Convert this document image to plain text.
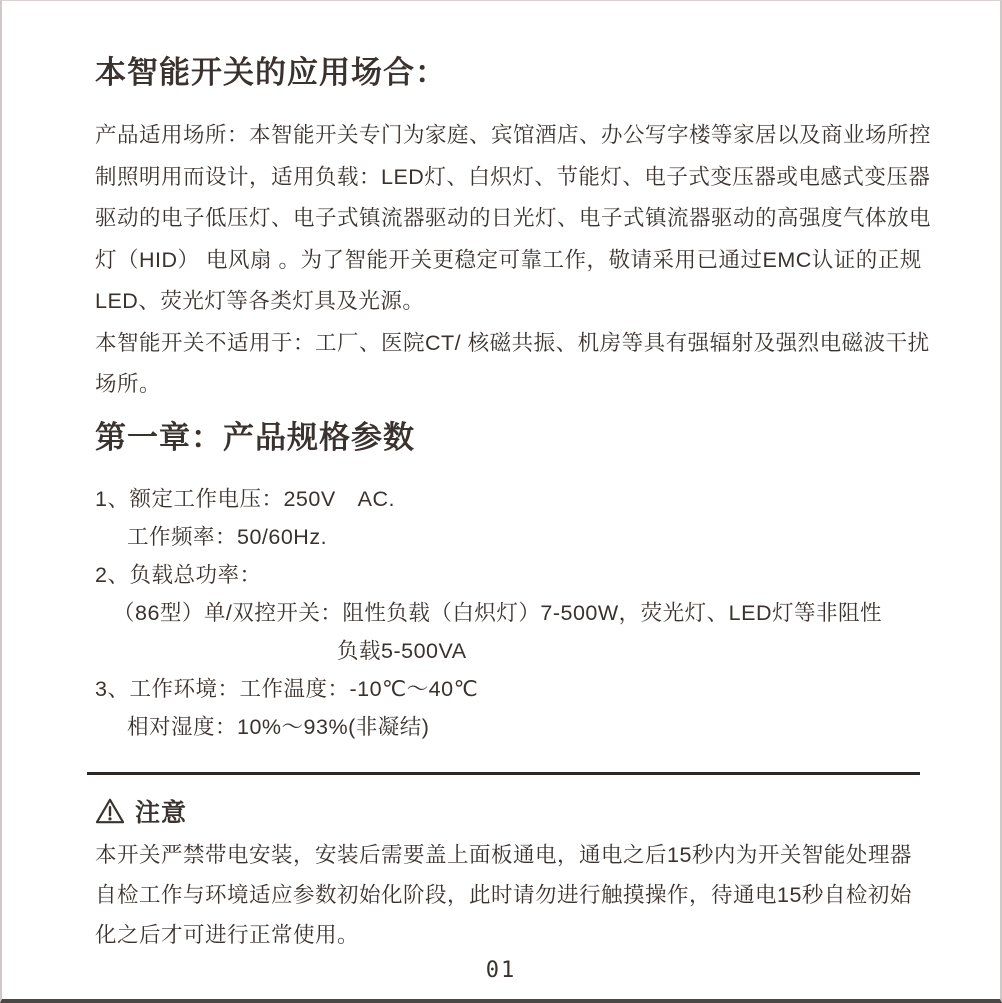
本智能开关的应用场合：
产品适用场所：本智能开关专门为家庭、宾馆酒店、办公写字楼等家居以及商业场所控
制照明用而设计，适用负载：LED灯、白炽灯、节能灯、电子式变压器或电感式变压器
驱动的电子低压灯、电子式镇流器驱动的日光灯、电子式镇流器驱动的高强度气体放电
灯（HID） 电风扇 。为了智能开关更稳定可靠工作，敬请采用已通过EMC认证的正规
LED、荧光灯等各类灯具及光源。
本智能开关不适用于：工厂、医院CT/ 核磁共振、机房等具有强辐射及强烈电磁波干扰
场所。
第一章：产品规格参数
1、额定工作电压：250V　AC.
工作频率：50/60Hz.
2、负载总功率：
（86型）单/双控开关：阻性负载（白炽灯）7-500W，荧光灯、LED灯等非阻性
负载5-500VA
3、工作环境：工作温度：-10℃～40℃
相对湿度：10%～93%(非凝结)
注意
本开关严禁带电安装，安装后需要盖上面板通电，通电之后15秒内为开关智能处理器
自检工作与环境适应参数初始化阶段，此时请勿进行触摸操作，待通电15秒自检初始
化之后才可进行正常使用。
01
